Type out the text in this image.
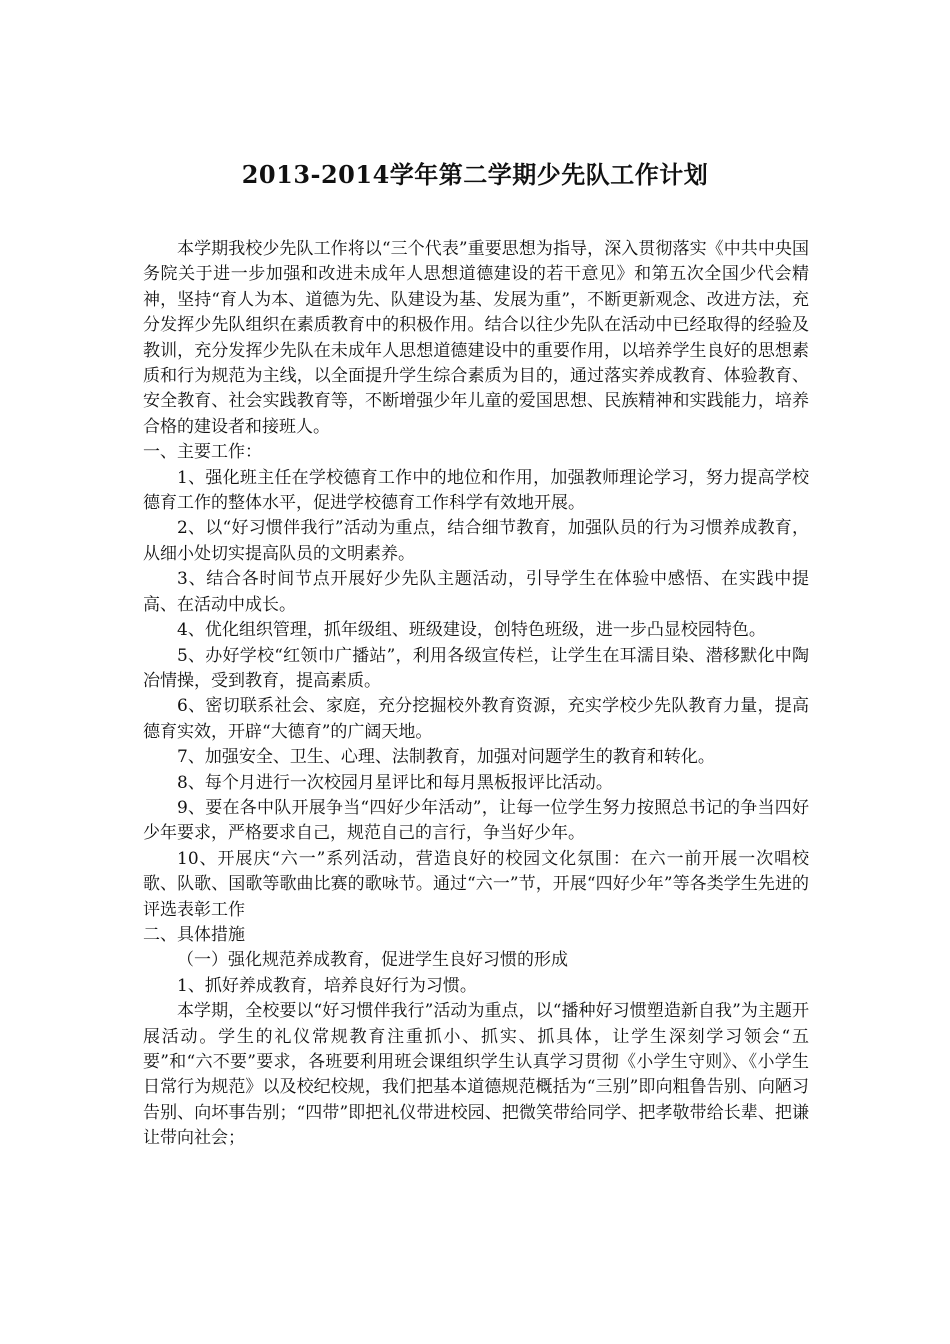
2013-2014学年第二学期少先队工作计划

本学期我校少先队工作将以“三个代表”重要思想为指导，深入贯彻落实《中共中央国务院关于进一步加强和改进未成年人思想道德建设的若干意见》和第五次全国少代会精神，坚持“育人为本、道德为先、队建设为基、发展为重”，不断更新观念、改进方法，充分发挥少先队组织在素质教育中的积极作用。结合以往少先队在活动中已经取得的经验及教训，充分发挥少先队在未成年人思想道德建设中的重要作用，以培养学生良好的思想素质和行为规范为主线，以全面提升学生综合素质为目的，通过落实养成教育、体验教育、安全教育、社会实践教育等，不断增强少年儿童的爱国思想、民族精神和实践能力，培养合格的建设者和接班人。

一、主要工作：

1、强化班主任在学校德育工作中的地位和作用，加强教师理论学习，努力提高学校德育工作的整体水平，促进学校德育工作科学有效地开展。

2、以“好习惯伴我行”活动为重点，结合细节教育，加强队员的行为习惯养成教育，从细小处切实提高队员的文明素养。

3、结合各时间节点开展好少先队主题活动，引导学生在体验中感悟、在实践中提高、在活动中成长。

4、优化组织管理，抓年级组、班级建设，创特色班级，进一步凸显校园特色。

5、办好学校“红领巾广播站”，利用各级宣传栏，让学生在耳濡目染、潜移默化中陶冶情操，受到教育，提高素质。

6、密切联系社会、家庭，充分挖掘校外教育资源，充实学校少先队教育力量，提高德育实效，开辟“大德育”的广阔天地。

7、加强安全、卫生、心理、法制教育，加强对问题学生的教育和转化。

8、每个月进行一次校园月星评比和每月黑板报评比活动。

9、要在各中队开展争当“四好少年活动”，让每一位学生努力按照总书记的争当四好少年要求，严格要求自己，规范自己的言行，争当好少年。

10、开展庆“六一”系列活动，营造良好的校园文化氛围：在六一前开展一次唱校歌、队歌、国歌等歌曲比赛的歌咏节。通过“六一”节，开展“四好少年”等各类学生先进的评选表彰工作

二、具体措施

（一）强化规范养成教育，促进学生良好习惯的形成

1、抓好养成教育，培养良好行为习惯。

本学期，全校要以“好习惯伴我行”活动为重点，以“播种好习惯塑造新自我”为主题开展活动。学生的礼仪常规教育注重抓小、抓实、抓具体，让学生深刻学习领会“五要”和“六不要”要求，各班要利用班会课组织学生认真学习贯彻《小学生守则》、《小学生日常行为规范》以及校纪校规，我们把基本道德规范概括为“三别”即向粗鲁告别、向陋习告别、向坏事告别；“四带”即把礼仪带进校园、把微笑带给同学、把孝敬带给长辈、把谦让带向社会；
